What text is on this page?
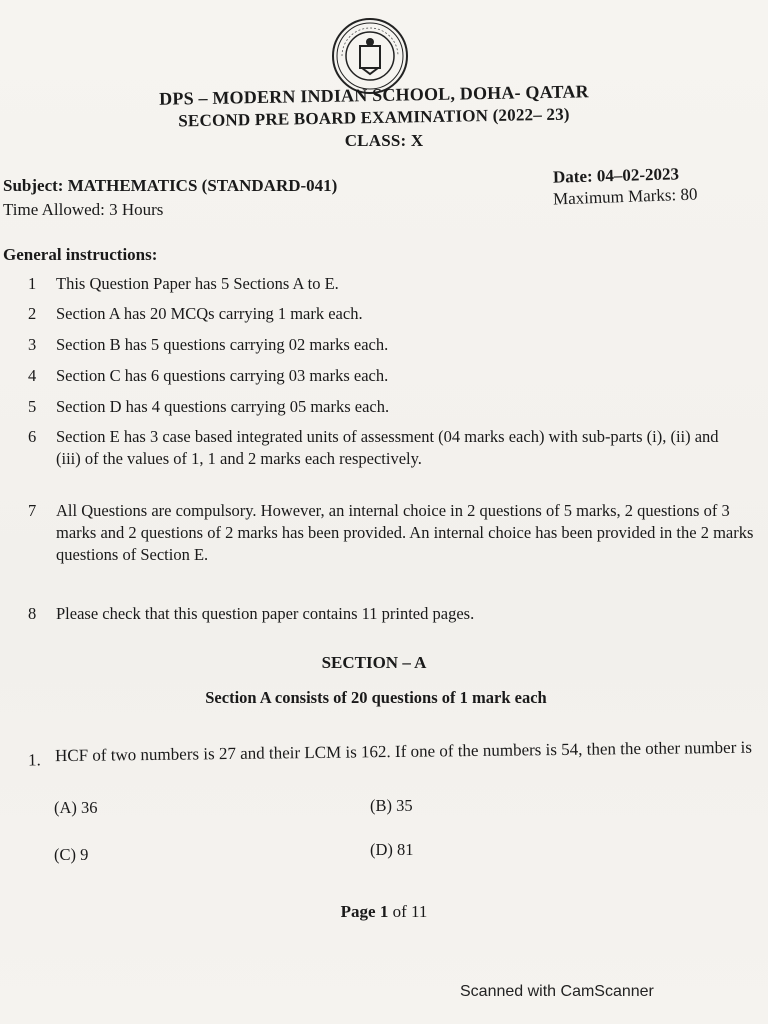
DPS – MODERN INDIAN SCHOOL, DOHA- QATAR
SECOND PRE BOARD EXAMINATION (2022– 23)
CLASS: X
Subject: MATHEMATICS (STANDARD-041)
Time Allowed: 3 Hours
Date: 04–02-2023
Maximum Marks: 80
General instructions:
1	This Question Paper has 5 Sections A to E.
2	Section A has 20 MCQs carrying 1 mark each.
3	Section B has 5 questions carrying 02 marks each.
4	Section C has 6 questions carrying 03 marks each.
5	Section D has 4 questions carrying 05 marks each.
6	Section E has 3 case based integrated units of assessment (04 marks each) with sub-parts (i), (ii) and (iii) of the values of 1, 1 and 2 marks each respectively.
7	All Questions are compulsory. However, an internal choice in 2 questions of 5 marks, 2 questions of 3 marks and 2 questions of 2 marks has been provided. An internal choice has been provided in the 2 marks questions of Section E.
8	Please check that this question paper contains 11 printed pages.
SECTION – A
Section A consists of 20 questions of 1 mark each
1. HCF of two numbers is 27 and their LCM is 162. If one of the numbers is 54, then the other number is
(A) 36	(B) 35
(C) 9	(D) 81
Page 1 of 11
Scanned with CamScanner
